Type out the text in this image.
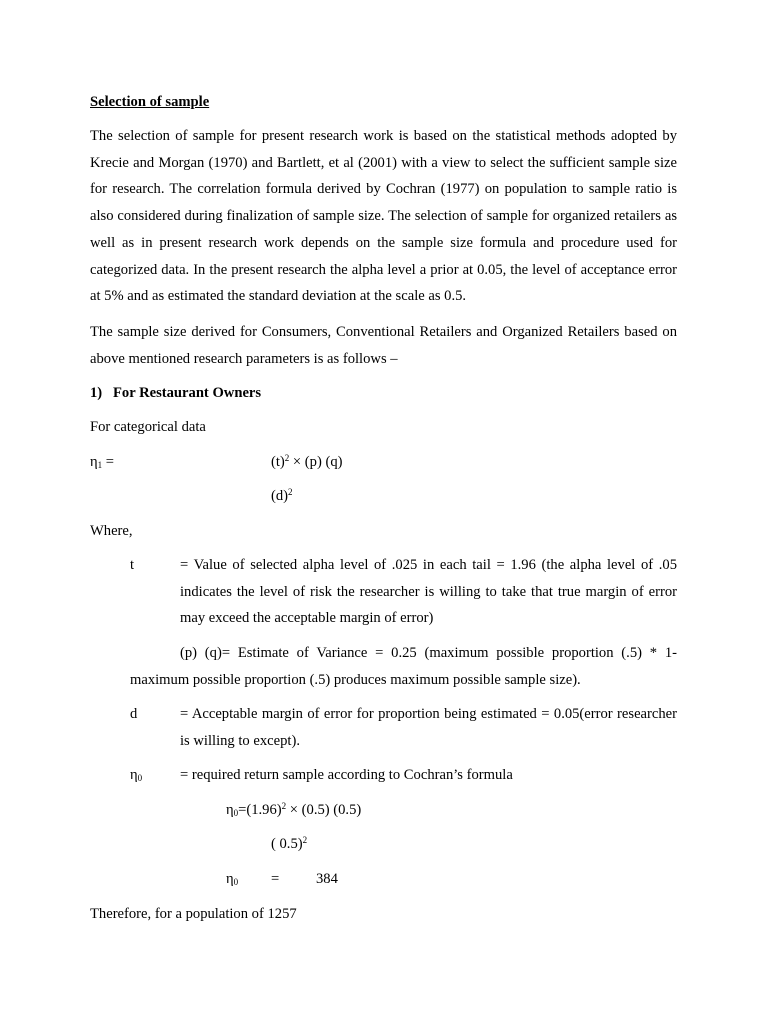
Selection of sample

The selection of sample for present research work is based on the statistical methods adopted by Krecie and Morgan (1970) and Bartlett, et al (2001) with a view to select the sufficient sample size for research. The correlation formula derived by Cochran (1977) on population to sample ratio is also considered during finalization of sample size. The selection of sample for organized retailers as well as in present research work depends on the sample size formula and procedure used for categorized data. In the present research the alpha level a prior at 0.05, the level of acceptance error at 5% and as estimated the standard deviation at the scale as 0.5.

The sample size derived for Consumers, Conventional Retailers and Organized Retailers based on above mentioned research parameters is as follows –

1) For Restaurant Owners

For categorical data

$\eta_1$ =	$(t)^2 \times (p)$ (q)
$(d)^2$

Where,

t	= Value of selected alpha level of .025 in each tail = 1.96 (the alpha level of .05 indicates the level of risk the researcher is willing to take that true margin of error may exceed the acceptable margin of error)
(p) (q)= Estimate of Variance = 0.25 (maximum possible proportion (.5) * 1- maximum possible proportion (.5) produces maximum possible sample size).
d	= Acceptable margin of error for proportion being estimated = 0.05(error researcher is willing to except).
$\eta_0$	= required return sample according to Cochran’s formula
$\eta_0=(1.96)^2 \times (0.5)$ (0.5)
( 0.5)$^2$
$\eta_0$ =	384

Therefore, for a population of 1257
